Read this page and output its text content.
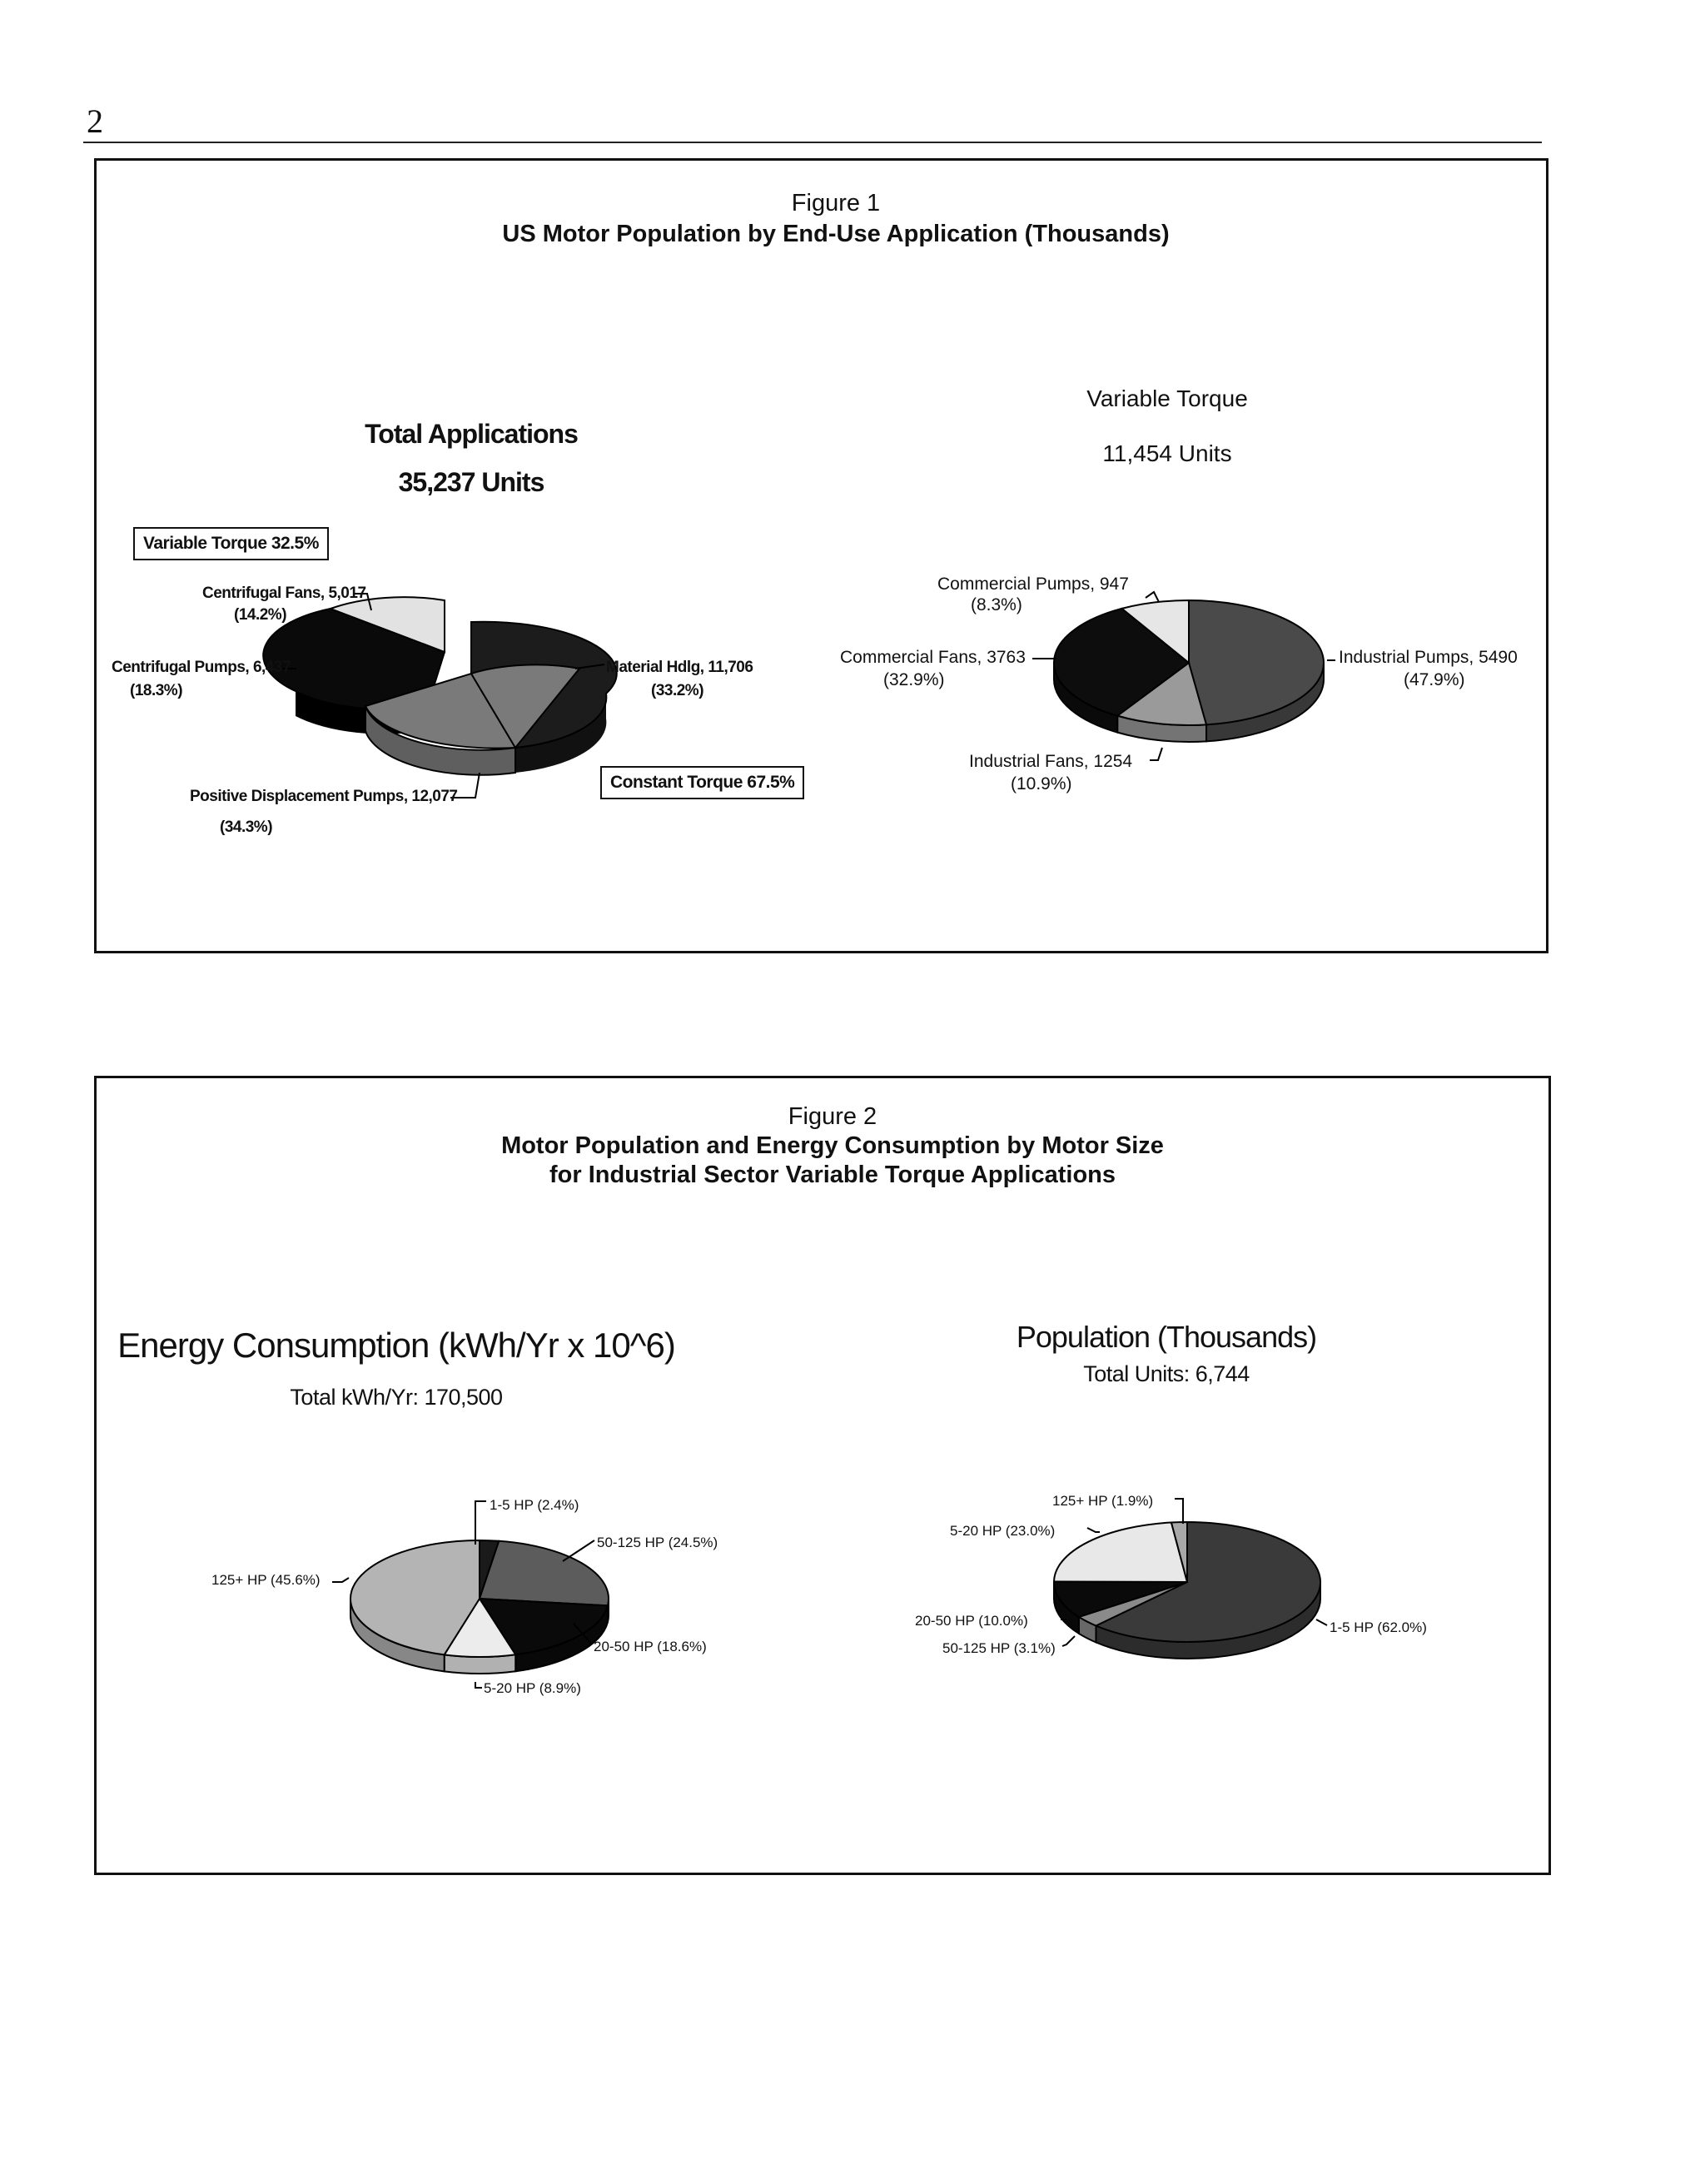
2
Figure 1
US Motor Population by End-Use Application (Thousands)
Total Applications
35,237 Units
Variable Torque 32.5%
Constant Torque 67.5%
Variable Torque
11,454 Units
Centrifugal Fans, 5,017
(14.2%)
Centrifugal Pumps, 6,437
(18.3%)
Material Hdlg, 11,706
(33.2%)
Positive Displacement Pumps, 12,077
(34.3%)
Commercial Pumps, 947
(8.3%)
Commercial Fans, 3763
(32.9%)
Industrial Pumps, 5490
(47.9%)
Industrial Fans, 1254
(10.9%)
Figure 2
Motor Population and Energy Consumption by Motor Size
for Industrial Sector Variable Torque Applications
Energy Consumption (kWh/Yr x 10^6)
Total kWh/Yr: 170,500
Population (Thousands)
Total Units: 6,744
1-5 HP (2.4%)
50-125 HP (24.5%)
20-50 HP (18.6%)
5-20 HP (8.9%)
125+ HP (45.6%)
125+ HP (1.9%)
5-20 HP (23.0%)
20-50 HP (10.0%)
50-125 HP (3.1%)
1-5 HP (62.0%)
